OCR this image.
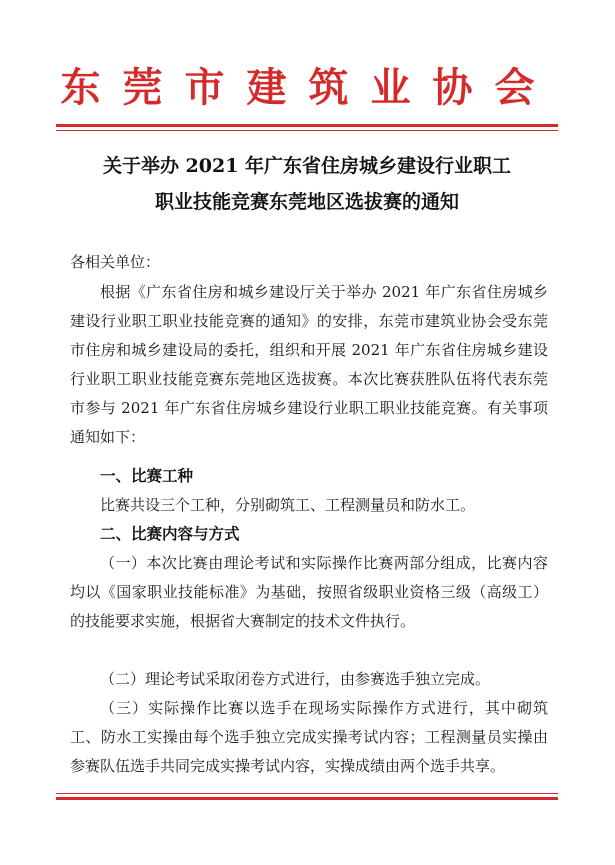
东莞市建筑业协会
关于举办 2021 年广东省住房城乡建设行业职工
职业技能竞赛东莞地区选拔赛的通知
各相关单位：
根据《广东省住房和城乡建设厅关于举办 2021 年广东省住房城乡建设行业职工职业技能竞赛的通知》的安排，东莞市建筑业协会受东莞市住房和城乡建设局的委托，组织和开展 2021 年广东省住房城乡建设行业职工职业技能竞赛东莞地区选拔赛。本次比赛获胜队伍将代表东莞市参与 2021 年广东省住房城乡建设行业职工职业技能竞赛。有关事项通知如下：
一、比赛工种
比赛共设三个工种，分别砌筑工、工程测量员和防水工。
二、比赛内容与方式
（一）本次比赛由理论考试和实际操作比赛两部分组成，比赛内容均以《国家职业技能标准》为基础，按照省级职业资格三级（高级工）的技能要求实施，根据省大赛制定的技术文件执行。
（二）理论考试采取闭卷方式进行，由参赛选手独立完成。
（三）实际操作比赛以选手在现场实际操作方式进行，其中砌筑工、防水工实操由每个选手独立完成实操考试内容；工程测量员实操由参赛队伍选手共同完成实操考试内容，实操成绩由两个选手共享。
